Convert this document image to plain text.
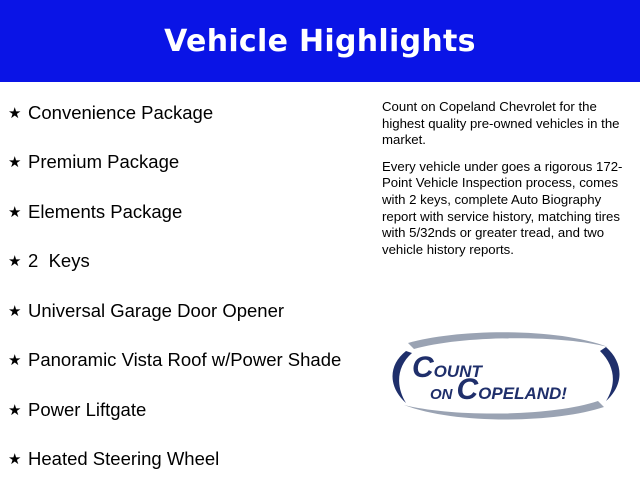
Vehicle Highlights
★ Convenience Package
★ Premium Package
★ Elements Package
★ 2  Keys
★ Universal Garage Door Opener
★ Panoramic Vista Roof w/Power Shade
★ Power Liftgate
★ Heated Steering Wheel

Count on Copeland Chevrolet for the highest quality pre-owned vehicles in the market.

Every vehicle under goes a rigorous 172-Point Vehicle Inspection process, comes with 2 keys, complete Auto Biography report with service history, matching tires with 5/32nds or greater tread, and two vehicle history reports.

COUNT
ON COPELAND!
